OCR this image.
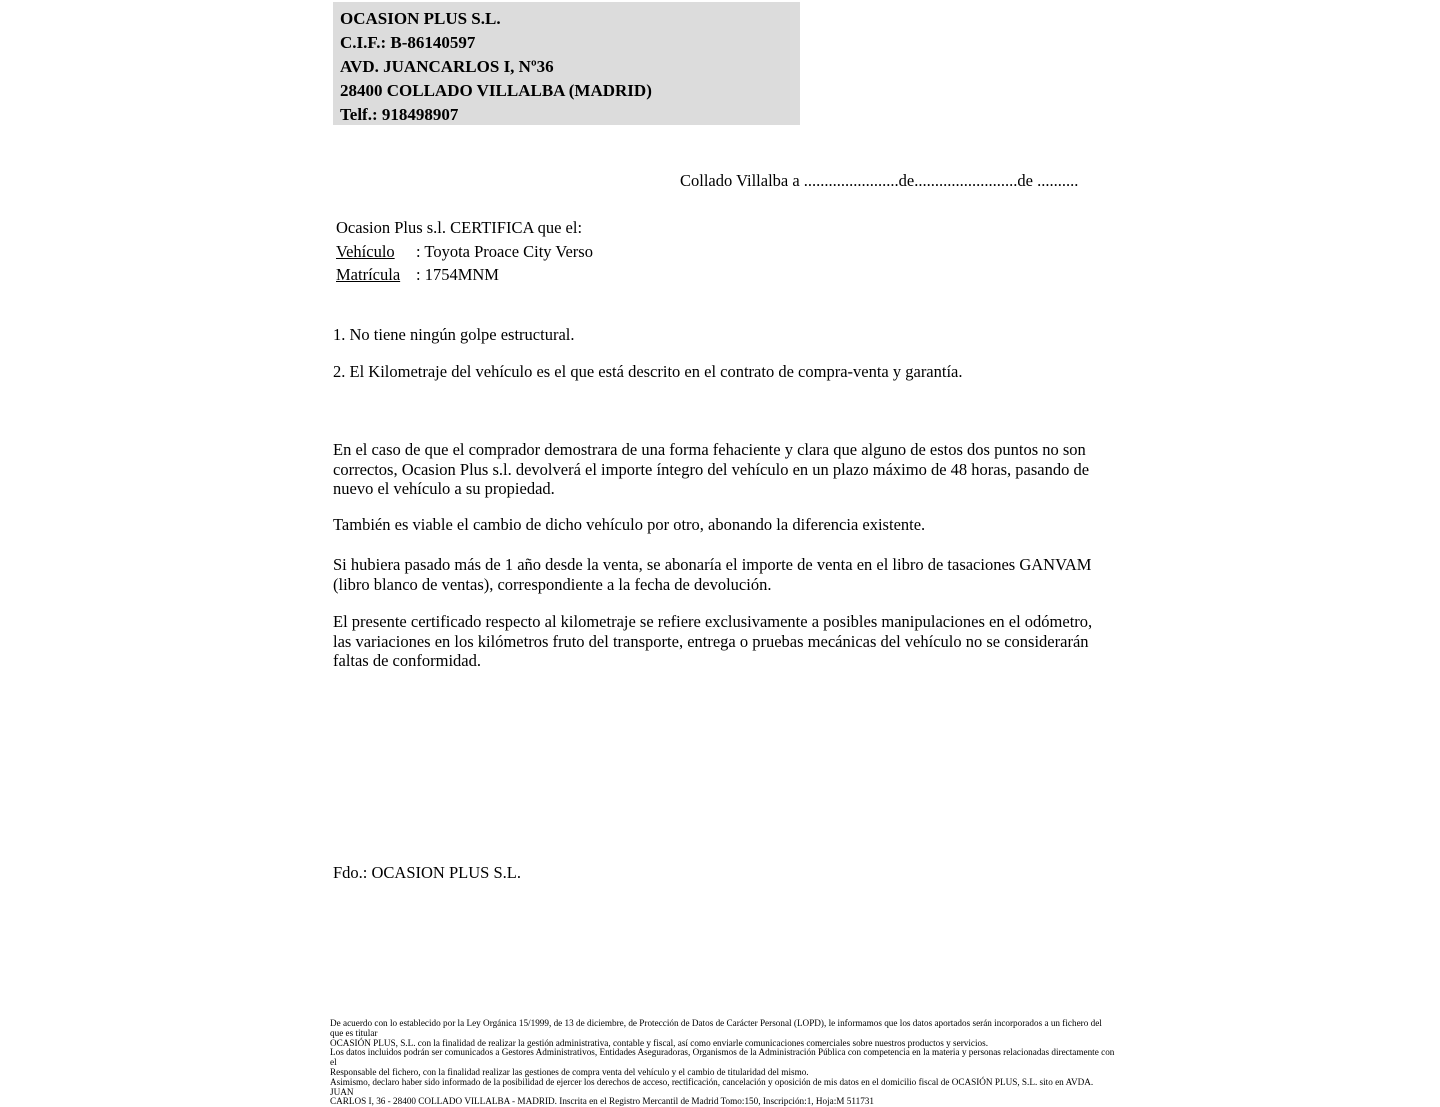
OCASION PLUS S.L.
C.I.F.: B-86140597
AVD. JUANCARLOS I, Nº36
28400 COLLADO VILLALBA (MADRID)
Telf.: 918498907
Collado Villalba a .......................de.........................de ..........
Ocasion Plus s.l. CERTIFICA que el:
Vehículo : Toyota Proace City Verso
Matrícula : 1754MNM
1. No tiene ningún golpe estructural.
2. El Kilometraje del vehículo es el que está descrito en el contrato de compra-venta y garantía.
En el caso de que el comprador demostrara de una forma fehaciente y clara que alguno de estos dos puntos no son correctos, Ocasion Plus s.l. devolverá el importe íntegro del vehículo en un plazo máximo de 48 horas, pasando de nuevo el vehículo a su propiedad.
También es viable el cambio de dicho vehículo por otro, abonando la diferencia existente.
Si hubiera pasado más de 1 año desde la venta, se abonaría el importe de venta en el libro de tasaciones GANVAM (libro blanco de ventas), correspondiente a la fecha de devolución.
El presente certificado respecto al kilometraje se refiere exclusivamente a posibles manipulaciones en el odómetro, las variaciones en los kilómetros fruto del transporte, entrega o pruebas mecánicas del vehículo no se considerarán faltas de conformidad.
Fdo.: OCASION PLUS S.L.
De acuerdo con lo establecido por la Ley Orgánica 15/1999, de 13 de diciembre, de Protección de Datos de Carácter Personal (LOPD), le informamos que los datos aportados serán incorporados a un fichero del que es titular
OCASIÓN PLUS, S.L. con la finalidad de realizar la gestión administrativa, contable y fiscal, así como enviarle comunicaciones comerciales sobre nuestros productos y servicios.
Los datos incluidos podrán ser comunicados a Gestores Administrativos, Entidades Aseguradoras, Organismos de la Administración Pública con competencia en la materia y personas relacionadas directamente con el
Responsable del fichero, con la finalidad realizar las gestiones de compra venta del vehículo y el cambio de titularidad del mismo.
Asimismo, declaro haber sido informado de la posibilidad de ejercer los derechos de acceso, rectificación, cancelación y oposición de mis datos en el domicilio fiscal de OCASIÓN PLUS, S.L. sito en AVDA. JUAN
CARLOS I, 36 - 28400 COLLADO VILLALBA - MADRID. Inscrita en el Registro Mercantil de Madrid Tomo:150, Inscripción:1, Hoja:M 511731
